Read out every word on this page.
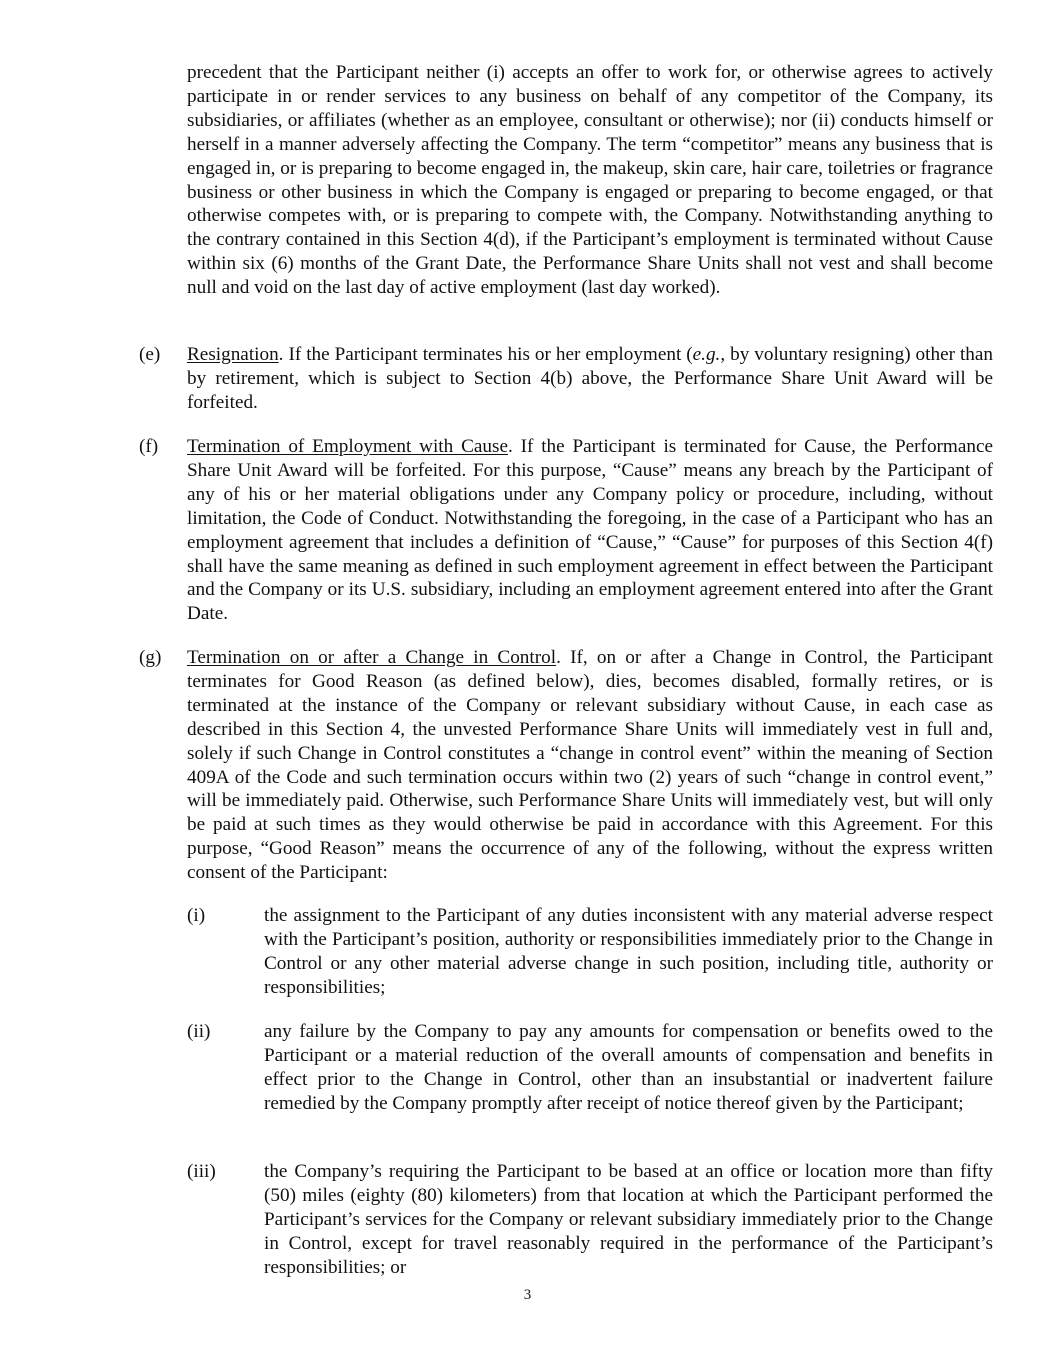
precedent that the Participant neither (i) accepts an offer to work for, or otherwise agrees to actively participate in or render services to any business on behalf of any competitor of the Company, its subsidiaries, or affiliates (whether as an employee, consultant or otherwise); nor (ii) conducts himself or herself in a manner adversely affecting the Company. The term “competitor” means any business that is engaged in, or is preparing to become engaged in, the makeup, skin care, hair care, toiletries or fragrance business or other business in which the Company is engaged or preparing to become engaged, or that otherwise competes with, or is preparing to compete with, the Company. Notwithstanding anything to the contrary contained in this Section 4(d), if the Participant’s employment is terminated without Cause within six (6) months of the Grant Date, the Performance Share Units shall not vest and shall become null and void on the last day of active employment (last day worked).

(e) Resignation. If the Participant terminates his or her employment (e.g., by voluntary resigning) other than by retirement, which is subject to Section 4(b) above, the Performance Share Unit Award will be forfeited.

(f) Termination of Employment with Cause. If the Participant is terminated for Cause, the Performance Share Unit Award will be forfeited. For this purpose, “Cause” means any breach by the Participant of any of his or her material obligations under any Company policy or procedure, including, without limitation, the Code of Conduct. Notwithstanding the foregoing, in the case of a Participant who has an employment agreement that includes a definition of “Cause,” “Cause” for purposes of this Section 4(f) shall have the same meaning as defined in such employment agreement in effect between the Participant and the Company or its U.S. subsidiary, including an employment agreement entered into after the Grant Date.

(g) Termination on or after a Change in Control. If, on or after a Change in Control, the Participant terminates for Good Reason (as defined below), dies, becomes disabled, formally retires, or is terminated at the instance of the Company or relevant subsidiary without Cause, in each case as described in this Section 4, the unvested Performance Share Units will immediately vest in full and, solely if such Change in Control constitutes a “change in control event” within the meaning of Section 409A of the Code and such termination occurs within two (2) years of such “change in control event,” will be immediately paid. Otherwise, such Performance Share Units will immediately vest, but will only be paid at such times as they would otherwise be paid in accordance with this Agreement. For this purpose, “Good Reason” means the occurrence of any of the following, without the express written consent of the Participant:

(i)	the assignment to the Participant of any duties inconsistent with any material adverse respect with the Participant’s position, authority or responsibilities immediately prior to the Change in Control or any other material adverse change in such position, including title, authority or responsibilities;

(ii)	any failure by the Company to pay any amounts for compensation or benefits owed to the Participant or a material reduction of the overall amounts of compensation and benefits in effect prior to the Change in Control, other than an insubstantial or inadvertent failure remedied by the Company promptly after receipt of notice thereof given by the Participant;

(iii)	the Company’s requiring the Participant to be based at an office or location more than fifty (50) miles (eighty (80) kilometers) from that location at which the Participant performed the Participant’s services for the Company or relevant subsidiary immediately prior to the Change in Control, except for travel reasonably required in the performance of the Participant’s responsibilities; or

3
